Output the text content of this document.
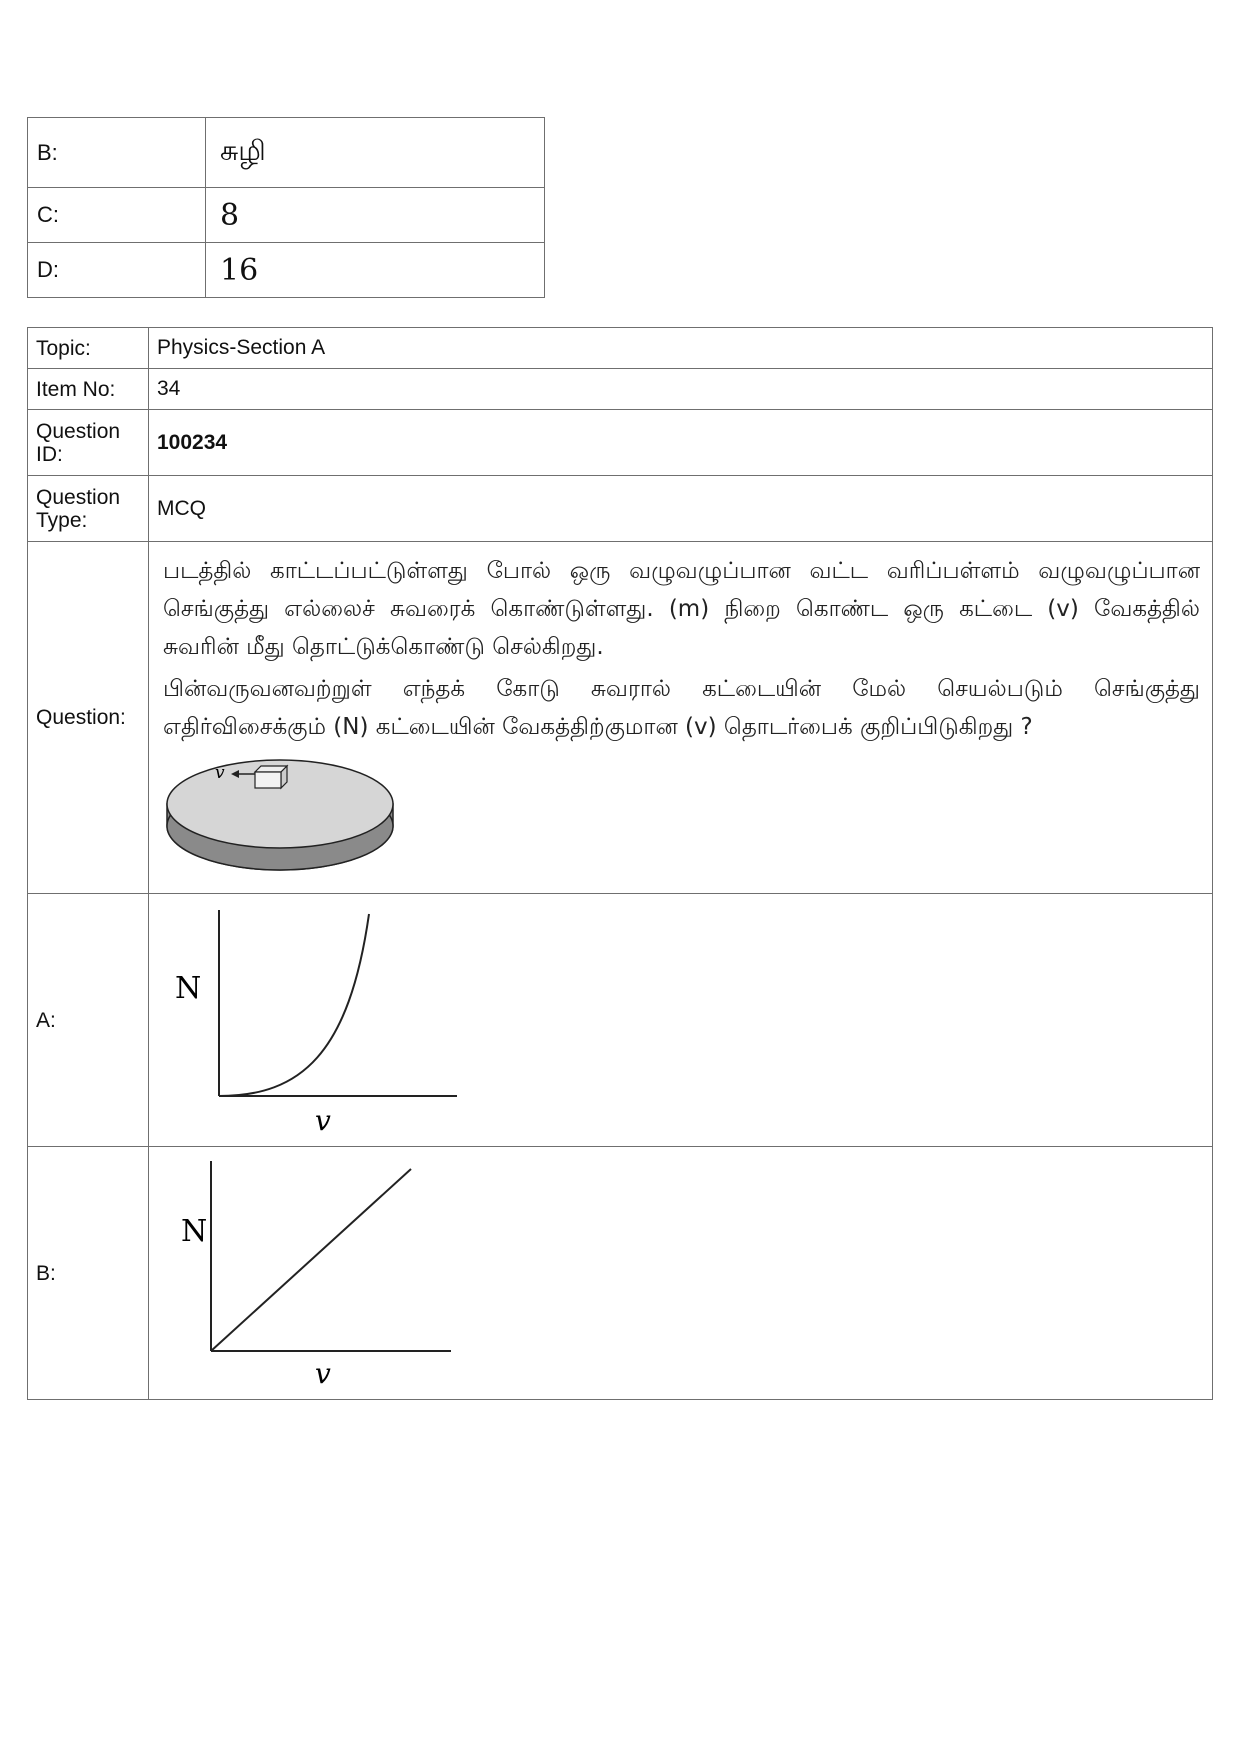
B:	சுழி
C:	8
D:	16
Topic:	Physics-Section A
Item No:	34
Question ID:	100234
Question Type:	MCQ
Question:	படத்தில் காட்டப்பட்டுள்ளது போல் ஒரு வழுவழுப்பான வட்ட வரிப்பள்ளம் வழுவழுப்பான செங்குத்து எல்லைச் சுவரைக் கொண்டுள்ளது. (m) நிறை கொண்ட ஒரு கட்டை (v) வேகத்தில் சுவரின் மீது தொட்டுக்கொண்டு செல்கிறது.

பின்வருவனவற்றுள் எந்தக் கோடு சுவரால் கட்டையின் மேல் செயல்படும் செங்குத்து எதிர்விசைக்கும் (N) கட்டையின் வேகத்திற்குமான (v) தொடர்பைக் குறிப்பிடுகிறது ?

v

A:	N
v

B:	N
v
